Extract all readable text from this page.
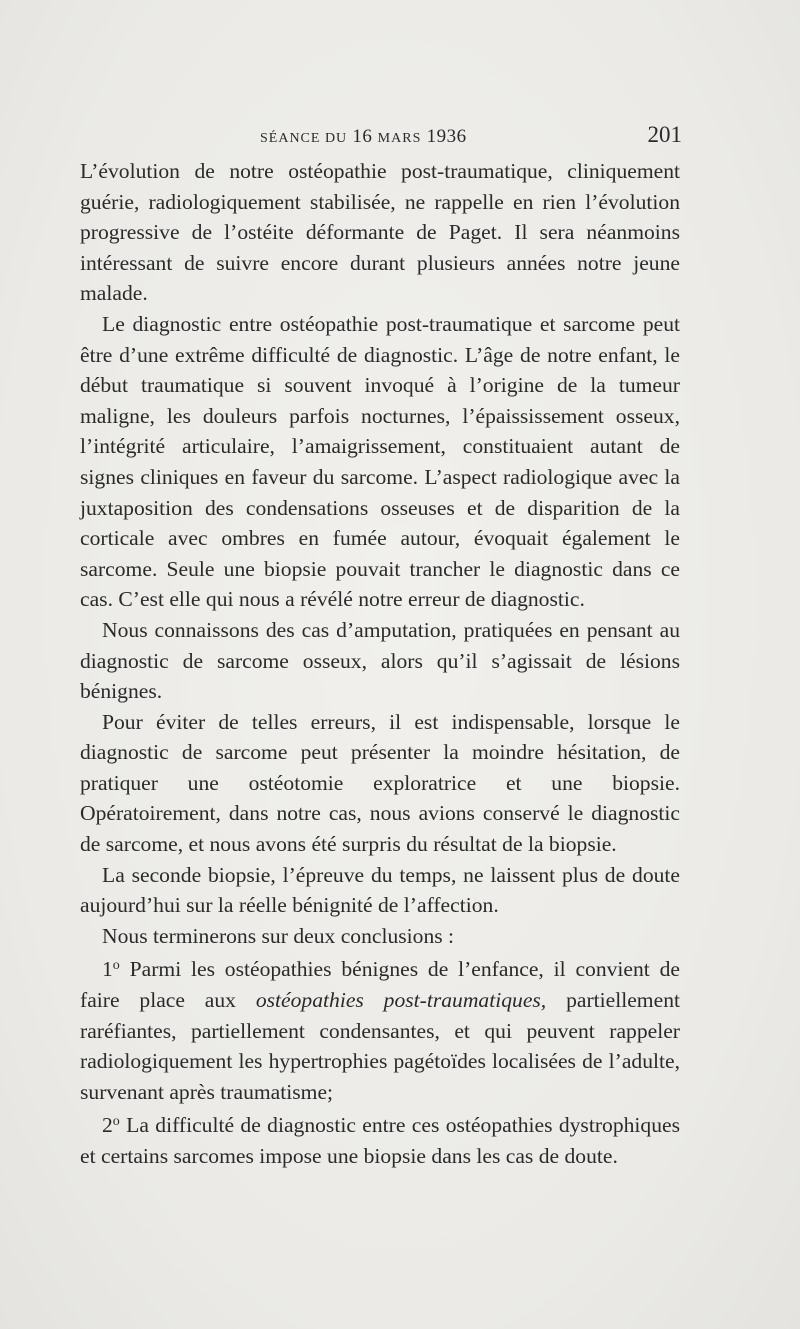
SÉANCE DU 16 MARS 1936	201

L’évolution de notre ostéopathie post-traumatique, cliniquement guérie, radiologiquement stabilisée, ne rappelle en rien l’évolution progressive de l’ostéite déformante de Paget. Il sera néanmoins intéressant de suivre encore durant plusieurs années notre jeune malade.

Le diagnostic entre ostéopathie post-traumatique et sarcome peut être d’une extrême difficulté de diagnostic. L’âge de notre enfant, le début traumatique si souvent invoqué à l’origine de la tumeur maligne, les douleurs parfois nocturnes, l’épaississement osseux, l’intégrité articulaire, l’amaigrissement, constituaient autant de signes cliniques en faveur du sarcome. L’aspect radiologique avec la juxtaposition des condensations osseuses et de disparition de la corticale avec ombres en fumée autour, évoquait également le sarcome. Seule une biopsie pouvait trancher le diagnostic dans ce cas. C’est elle qui nous a révélé notre erreur de diagnostic.

Nous connaissons des cas d’amputation, pratiquées en pensant au diagnostic de sarcome osseux, alors qu’il s’agissait de lésions bénignes.

Pour éviter de telles erreurs, il est indispensable, lorsque le diagnostic de sarcome peut présenter la moindre hésitation, de pratiquer une ostéotomie exploratrice et une biopsie. Opératoirement, dans notre cas, nous avions conservé le diagnostic de sarcome, et nous avons été surpris du résultat de la biopsie.

La seconde biopsie, l’épreuve du temps, ne laissent plus de doute aujourd’hui sur la réelle bénignité de l’affection.

Nous terminerons sur deux conclusions :

1$^o$ Parmi les ostéopathies bénignes de l’enfance, il convient de faire place aux ostéopathies post-traumatiques, partiellement raréfiantes, partiellement condensantes, et qui peuvent rappeler radiologiquement les hypertrophies pagétoïdes localisées de l’adulte, survenant après traumatisme;

2$^o$ La difficulté de diagnostic entre ces ostéopathies dystrophiques et certains sarcomes impose une biopsie dans les cas de doute.
